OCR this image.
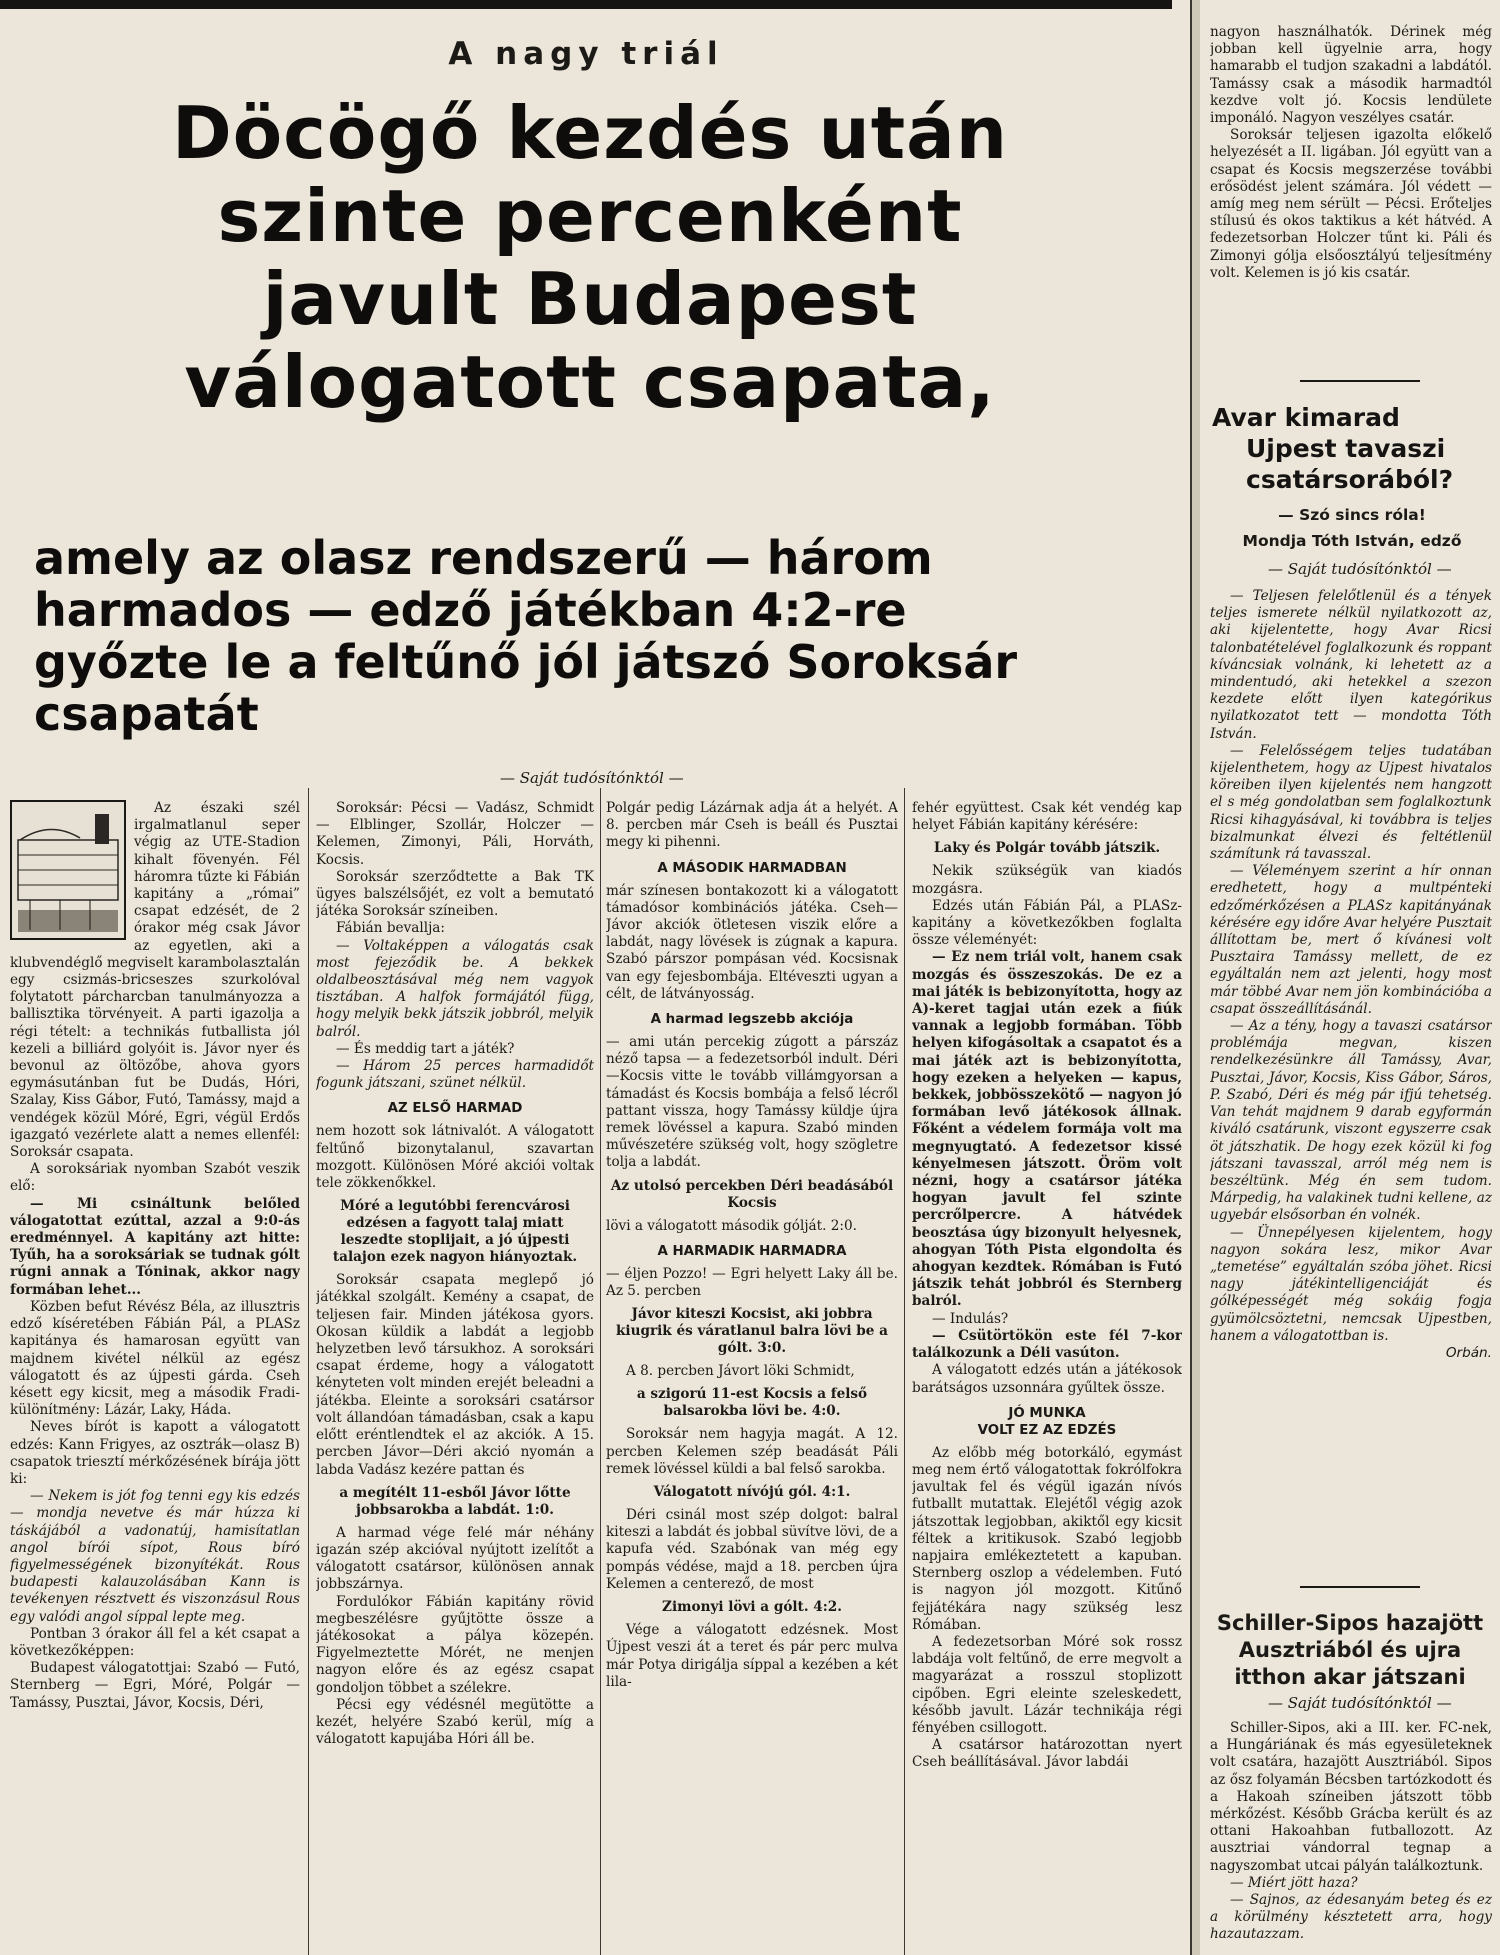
A nagy triál
Döcögő kezdés után
szinte percenként
javult Budapest
válogatott csapata,
amely az olasz rendszerű — három
harmados — edző játékban 4:2-re
győzte le a feltűnő jól játszó Soroksár
csapatát
— Saját tudósítónktól —

Az északi szél irgalmatlanul seper végig az UTE-Stadion kihalt fövenyén. Fél háromra tűzte ki Fábián kapitány a „római” csapat edzését, de 2 órakor még csak Jávor az egyetlen, aki a klubvendéglő megviselt karambolasztalán egy csizmás-bricseszes szurkolóval folytatott párcharcban tanulmányozza a ballisztika törvényeit. A parti igazolja a régi tételt: a technikás futballista jól kezeli a billiárd golyóit is. Jávor nyer és bevonul az öltözőbe, ahova gyors egymásutánban fut be Dudás, Hóri, Szalay, Kiss Gábor, Futó, Tamássy, majd a vendégek közül Móré, Egri, végül Erdős igazgató vezérlete alatt a nemes ellenfél: Soroksár csapata.

A soroksáriak nyomban Szabót veszik elő:

— Mi csináltunk belőled válogatottat ezúttal, azzal a 9:0-ás eredménnyel. A kapitány azt hitte: Tyűh, ha a soroksáriak se tudnak gólt rúgni annak a Tóninak, akkor nagy formában lehet...

Közben befut Révész Béla, az illusztris edző kíséretében Fábián Pál, a PLASz kapitánya és hamarosan együtt van majdnem kivétel nélkül az egész válogatott és az újpesti gárda. Cseh késett egy kicsit, meg a második Fradi-különítmény: Lázár, Laky, Háda.

Neves bírót is kapott a válogatott edzés: Kann Frigyes, az osztrák—olasz B) csapatok triesztí mérkőzésének bírája jött ki:

— Nekem is jót fog tenni egy kis edzés — mondja nevetve és már húzza ki táskájából a vadonatúj, hamisítatlan angol bírói sípot, Rous bíró figyelmességének bizonyítékát. Rous budapesti kalauzolásában Kann is tevékenyen résztvett és viszonzásul Rous egy valódi angol síppal lepte meg.

Pontban 3 órakor áll fel a két csapat a következőképpen:

Budapest válogatottjai: Szabó — Futó, Sternberg — Egri, Móré, Polgár — Tamássy, Pusztai, Jávor, Kocsis, Déri,

Soroksár: Pécsi — Vadász, Schmidt — Elblinger, Szollár, Holczer — Kelemen, Zimonyi, Páli, Horváth, Kocsis.

Soroksár szerződtette a Bak TK ügyes balszélsőjét, ez volt a bemutató játéka Soroksár színeiben.

Fábián bevallja:

— Voltaképpen a válogatás csak most fejeződik be. A bekkek oldalbeosztásával még nem vagyok tisztában. A halfok formájától függ, hogy melyik bekk játszik jobbról, melyik balról.

— És meddig tart a játék?

— Három 25 perces harmadidőt fogunk játszani, szünet nélkül.

AZ ELSŐ HARMAD

nem hozott sok látnivalót. A válogatott feltűnő bizonytalanul, szavartan mozgott. Különösen Móré akciói voltak tele zökkenőkkel.

Móré a legutóbbi ferencvárosi edzésen a fagyott talaj miatt leszedte stoplijait, a jó újpesti talajon ezek nagyon hiányoztak.

Soroksár csapata meglepő jó játékkal szolgált. Kemény a csapat, de teljesen fair. Minden játékosa gyors. Okosan küldik a labdát a legjobb helyzetben levő társukhoz. A soroksári csapat érdeme, hogy a válogatott kényteten volt minden erejét beleadni a játékba. Eleinte a soroksári csatársor volt állandóan támadásban, csak a kapu előtt eréntlendtek el az akciók. A 15. percben Jávor—Déri akció nyomán a labda Vadász kezére pattan és

a megítélt 11-esből Jávor lőtte jobbsarokba a labdát. 1:0.

A harmad vége felé már néhány igazán szép akcióval nyújtott izelítőt a válogatott csatársor, különösen annak jobbszárnya.

Fordulókor Fábián kapitány rövid megbeszélésre gyűjtötte össze a játékosokat a pálya közepén. Figyelmeztette Mórét, ne menjen nagyon előre és az egész csapat gondoljon többet a szélekre.

Pécsi egy védésnél megütötte a kezét, helyére Szabó kerül, míg a válogatott kapujába Hóri áll be.

Polgár pedig Lázárnak adja át a helyét. A 8. percben már Cseh is beáll és Pusztai megy ki pihenni.

A MÁSODIK HARMADBAN

már színesen bontakozott ki a válogatott támadósor kombinációs játéka. Cseh—Jávor akciók ötletesen viszik előre a labdát, nagy lövések is zúgnak a kapura. Szabó párszor pompásan véd. Kocsisnak van egy fejesbombája. Eltéveszti ugyan a célt, de látványosság.

A harmad legszebb akciója

— ami után percekig zúgott a párszáz néző tapsa — a fedezetsorból indult. Déri—Kocsis vitte le tovább villámgyorsan a támadást és Kocsis bombája a felső lécről pattant vissza, hogy Tamássy küldje újra remek lövéssel a kapura. Szabó minden művészetére szükség volt, hogy szögletre tolja a labdát.

Az utolsó percekben Déri beadásából Kocsis

lövi a válogatott második gólját. 2:0.

A HARMADIK HARMADRA

— éljen Pozzo! — Egri helyett Laky áll be. Az 5. percben

Jávor kiteszi Kocsist, aki jobbra kiugrik és váratlanul balra lövi be a gólt. 3:0.

A 8. percben Jávort löki Schmidt,

a szigorú 11-est Kocsis a felső balsarokba lövi be. 4:0.

Soroksár nem hagyja magát. A 12. percben Kelemen szép beadását Páli remek lövéssel küldi a bal felső sarokba.

Válogatott nívójú gól. 4:1.

Déri csinál most szép dolgot: balral kiteszi a labdát és jobbal süvítve lövi, de a kapufa véd. Szabónak van még egy pompás védése, majd a 18. percben újra Kelemen a centerező, de most

Zimonyi lövi a gólt. 4:2.

Vége a válogatott edzésnek. Most Újpest veszi át a teret és pár perc mulva már Potya dirigálja síppal a kezében a két lila-

fehér együttest. Csak két vendég kap helyet Fábián kapitány kérésére:

Laky és Polgár tovább játszik.

Nekik szükségük van kiadós mozgásra.

Edzés után Fábián Pál, a PLASz-kapitány a következőkben foglalta össze véleményét:

— Ez nem triál volt, hanem csak mozgás és összeszokás. De ez a mai játék is bebizonyította, hogy az A)-keret tagjai után ezek a fiúk vannak a legjobb formában. Több helyen kifogásoltak a csapatot és a mai játék azt is bebizonyította, hogy ezeken a helyeken — kapus, bekkek, jobbösszekötő — nagyon jó formában levő játékosok állnak. Főként a védelem formája volt ma megnyugtató. A fedezetsor kissé kényelmesen játszott. Öröm volt nézni, hogy a csatársor játéka hogyan javult fel szinte percrőlpercre. A hátvédek beosztása úgy bizonyult helyesnek, ahogyan Tóth Pista elgondolta és ahogyan kezdtek. Rómában is Futó játszik tehát jobbról és Sternberg balról.

— Indulás?

— Csütörtökön este fél 7-kor találkozunk a Déli vasúton.

A válogatott edzés után a játékosok barátságos uzsonnára gyűltek össze.

JÓ MUNKA
VOLT EZ AZ EDZÉS

Az előbb még botorkáló, egymást meg nem értő válogatottak fokrólfokra javultak fel és végül igazán nívós futballt mutattak. Elejétől végig azok játszottak legjobban, akiktől egy kicsit féltek a kritikusok. Szabó legjobb napjaira emlékeztetett a kapuban. Sternberg oszlop a védelemben. Futó is nagyon jól mozgott. Kitűnő fejjátékára nagy szükség lesz Rómában.

A fedezetsorban Móré sok rossz labdája volt feltűnő, de erre megvolt a magyarázat a rosszul stoplizott cipőben. Egri eleinte szeleskedett, később javult. Lázár technikája régi fényében csillogott.

A csatársor határozottan nyert Cseh beállításával. Jávor labdái

nagyon használhatók. Dérinek még jobban kell ügyelnie arra, hogy hamarabb el tudjon szakadni a labdától. Tamássy csak a második harmadtól kezdve volt jó. Kocsis lendülete imponáló. Nagyon veszélyes csatár.

Soroksár teljesen igazolta előkelő helyezését a II. ligában. Jól együtt van a csapat és Kocsis megszerzése további erősödést jelent számára. Jól védett — amíg meg nem sérült — Pécsi. Erőteljes stílusú és okos taktikus a két hátvéd. A fedezetsorban Holczer tűnt ki. Páli és Zimonyi gólja elsőosztályú teljesítmény volt. Kelemen is jó kis csatár.

Avar kimarad
Ujpest tavaszi
csatársorából?
— Szó sincs róla!
Mondja Tóth István, edző
— Saját tudósítónktól —

— Teljesen felelőtlenül és a tények teljes ismerete nélkül nyilatkozott az, aki kijelentette, hogy Avar Ricsi talonbatételével foglalkozunk és roppant kíváncsiak volnánk, ki lehetett az a mindentudó, aki hetekkel a szezon kezdete előtt ilyen kategórikus nyilatkozatot tett — mondotta Tóth István.

— Felelősségem teljes tudatában kijelenthetem, hogy az Ujpest hivatalos köreiben ilyen kijelentés nem hangzott el s még gondolatban sem foglalkoztunk Ricsi kihagyásával, ki továbbra is teljes bizalmunkat élvezi és feltétlenül számítunk rá tavasszal.

— Véleményem szerint a hír onnan eredhetett, hogy a multpénteki edzőmérkőzésen a PLASz kapitányának kérésére egy időre Avar helyére Pusztait állítottam be, mert ő kívánesi volt Pusztaira Tamássy mellett, de ez egyáltalán nem azt jelenti, hogy most már többé Avar nem jön kombinációba a csapat összeállításánál.

— Az a tény, hogy a tavaszi csatársor problémája megvan, kiszen rendelkezésünkre áll Tamássy, Avar, Pusztai, Jávor, Kocsis, Kiss Gábor, Sáros, P. Szabó, Déri és még pár ifjú tehetség. Van tehát majdnem 9 darab egyformán kiváló csatárunk, viszont egyszerre csak öt játszhatik. De hogy ezek közül ki fog játszani tavasszal, arról még nem is beszéltünk. Még én sem tudom. Márpedig, ha valakinek tudni kellene, az ugyebár elsősorban én volnék.

— Ünnepélyesen kijelentem, hogy nagyon sokára lesz, mikor Avar „temetése” egyáltalán szóba jöhet. Ricsi nagy játékintelligenciáját és gólképességét még sokáig fogja gyümölcsöztetni, nemcsak Ujpestben, hanem a válogatottban is.

Orbán.

Schiller-Sipos hazajött
Ausztriából és ujra
itthon akar játszani
— Saját tudósítónktól —

Schiller-Sipos, aki a III. ker. FC-nek, a Hungáriának és más egyesületeknek volt csatára, hazajött Ausztriából. Sipos az ősz folyamán Bécsben tartózkodott és a Hakoah színeiben játszott több mérkőzést. Később Grácba került és az ottani Hakoahban futballozott. Az ausztriai vándorral tegnap a nagyszombat utcai pályán találkoztunk.

— Miért jött haza?

— Sajnos, az édesanyám beteg és ez a körülmény késztetett arra, hogy hazautazzam.
